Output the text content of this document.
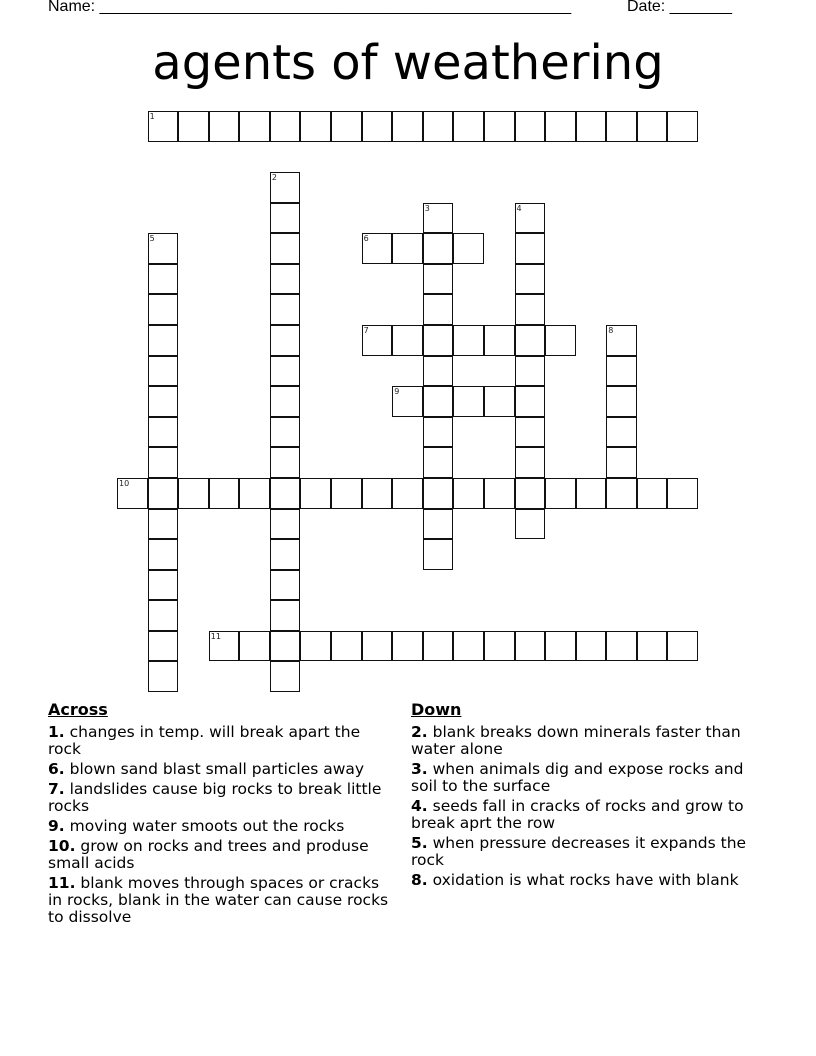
Name: _____________________________________________________	Date: _______
agents of weathering
1
2
3	4
5	6
7	8
9
10
11
Across
1. changes in temp. will break apart the rock
6. blown sand blast small particles away
7. landslides cause big rocks to break little rocks
9. moving water smoots out the rocks
10. grow on rocks and trees and produse small acids
11. blank moves through spaces or cracks in rocks, blank in the water can cause rocks to dissolve
Down
2. blank breaks down minerals faster than water alone
3. when animals dig and expose rocks and soil to the surface
4. seeds fall in cracks of rocks and grow to break aprt the row
5. when pressure decreases it expands the rock
8. oxidation is what rocks have with blank
